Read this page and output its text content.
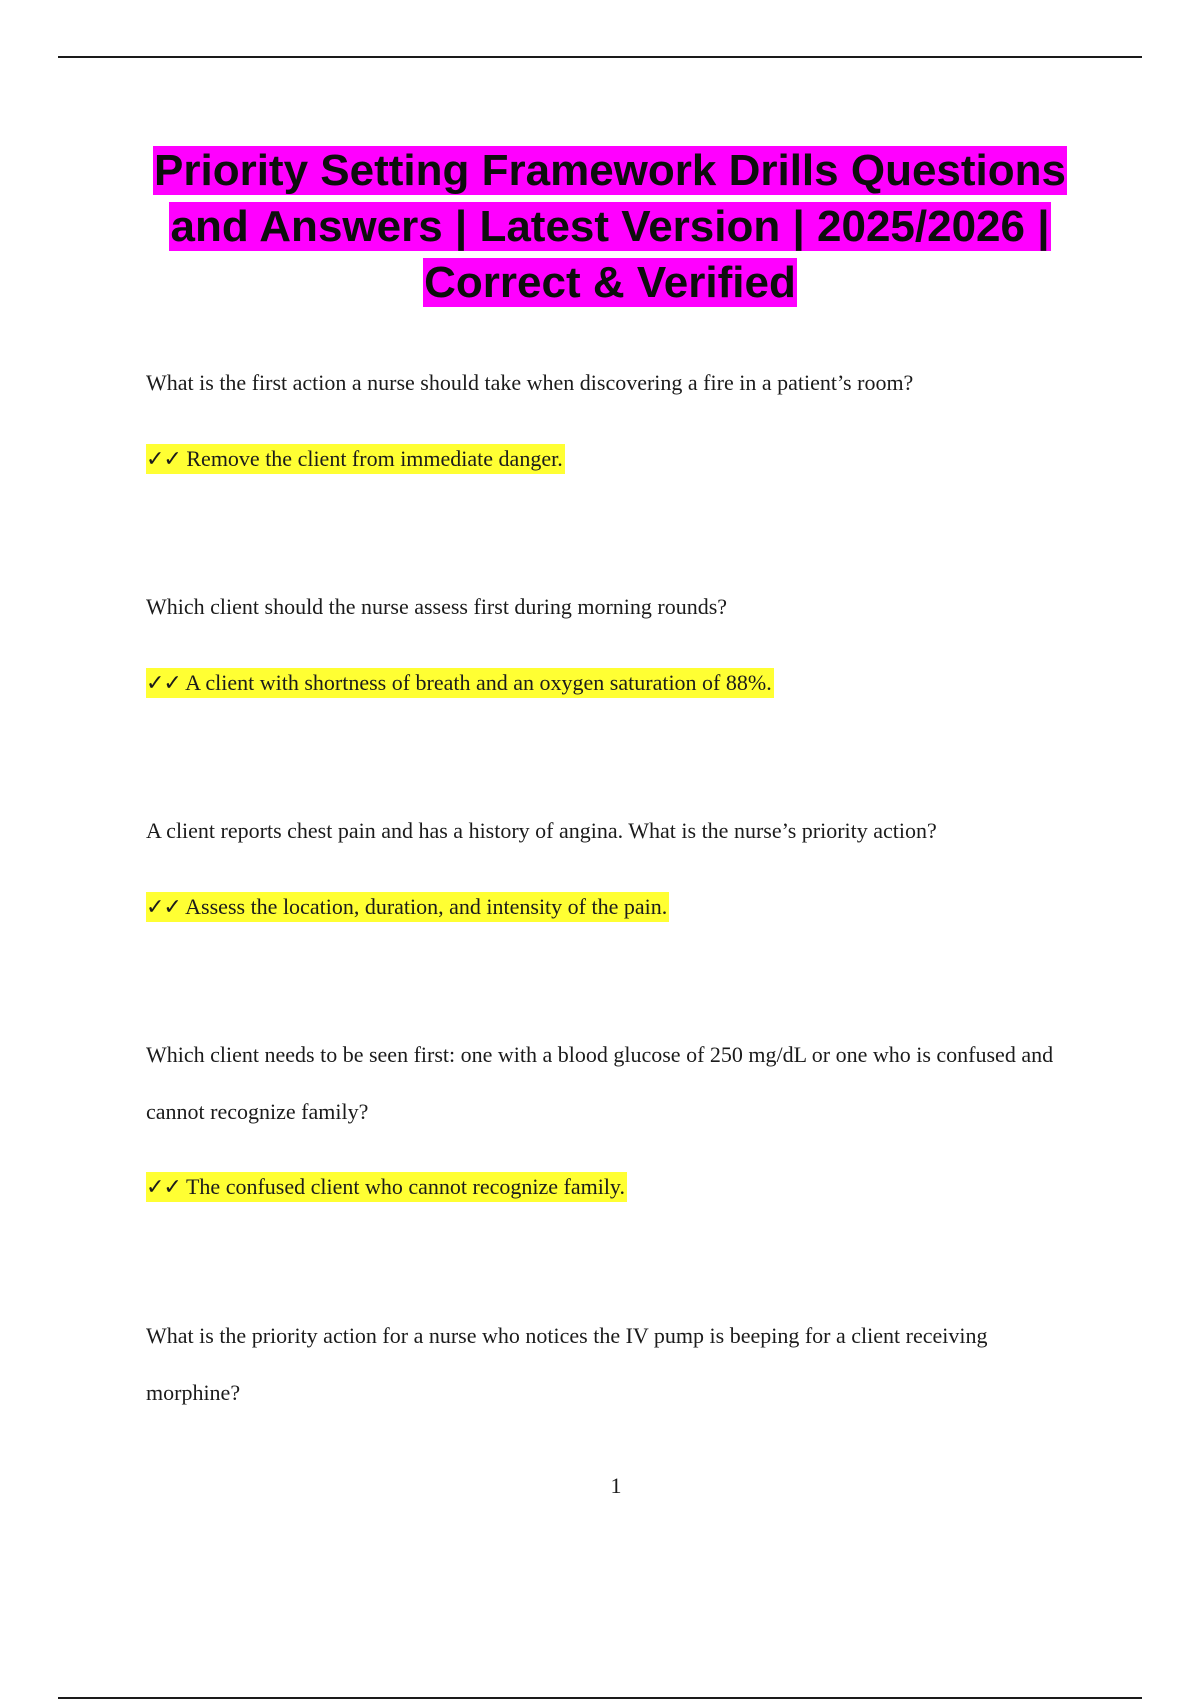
Priority Setting Framework Drills Questions and Answers | Latest Version | 2025/2026 | Correct & Verified
What is the first action a nurse should take when discovering a fire in a patient’s room?
✓✓ Remove the client from immediate danger.
Which client should the nurse assess first during morning rounds?
✓✓ A client with shortness of breath and an oxygen saturation of 88%.
A client reports chest pain and has a history of angina. What is the nurse’s priority action?
✓✓ Assess the location, duration, and intensity of the pain.
Which client needs to be seen first: one with a blood glucose of 250 mg/dL or one who is confused and cannot recognize family?
✓✓ The confused client who cannot recognize family.
What is the priority action for a nurse who notices the IV pump is beeping for a client receiving morphine?
1
